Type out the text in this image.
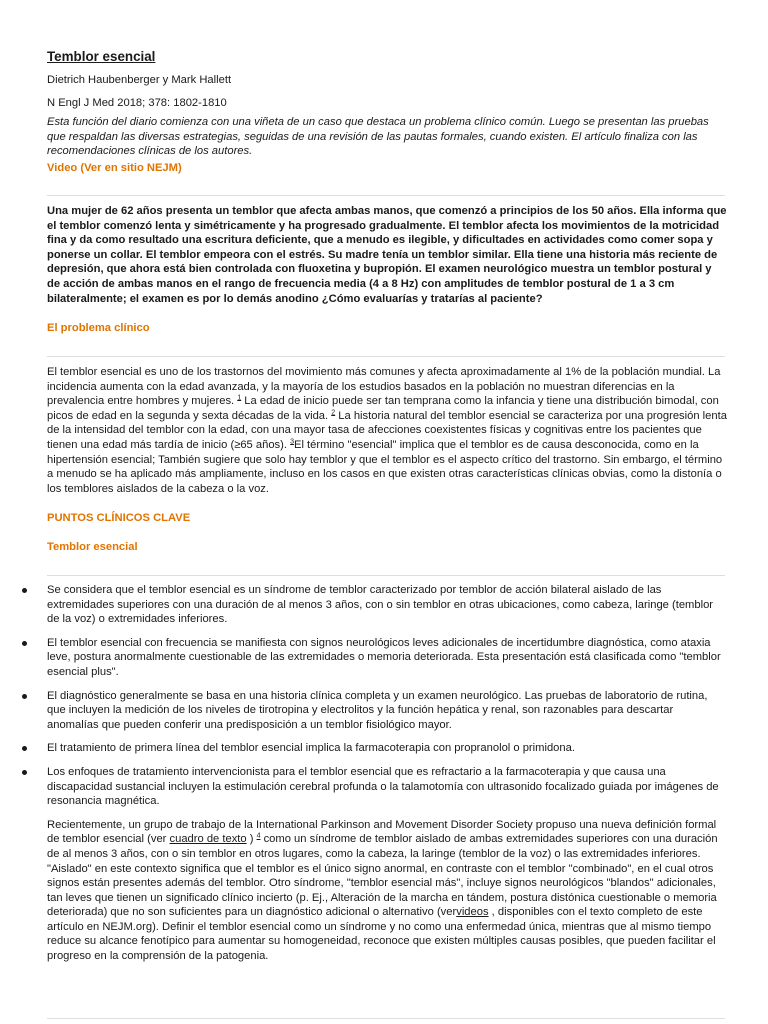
Temblor esencial
Dietrich Haubenberger y Mark Hallett
N Engl J Med 2018; 378: 1802-1810
Esta función del diario comienza con una viñeta de un caso que destaca un problema clínico común. Luego se presentan las pruebas que respaldan las diversas estrategias, seguidas de una revisión de las pautas formales, cuando existen. El artículo finaliza con las recomendaciones clínicas de los autores.
Video (Ver en sitio NEJM)
Una mujer de 62 años presenta un temblor que afecta ambas manos, que comenzó a principios de los 50 años. Ella informa que el temblor comenzó lenta y simétricamente y ha progresado gradualmente. El temblor afecta los movimientos de la motricidad fina y da como resultado una escritura deficiente, que a menudo es ilegible, y dificultades en actividades como comer sopa y ponerse un collar. El temblor empeora con el estrés. Su madre tenía un temblor similar. Ella tiene una historia más reciente de depresión, que ahora está bien controlada con fluoxetina y bupropión. El examen neurológico muestra un temblor postural y de acción de ambas manos en el rango de frecuencia media (4 a 8 Hz) con amplitudes de temblor postural de 1 a 3 cm bilateralmente; el examen es por lo demás anodino ¿Cómo evaluarías y tratarías al paciente?
El problema clínico
El temblor esencial es uno de los trastornos del movimiento más comunes y afecta aproximadamente al 1% de la población mundial. La incidencia aumenta con la edad avanzada, y la mayoría de los estudios basados en la población no muestran diferencias en la prevalencia entre hombres y mujeres. $^1$ La edad de inicio puede ser tan temprana como la infancia y tiene una distribución bimodal, con picos de edad en la segunda y sexta décadas de la vida. $^2$ La historia natural del temblor esencial se caracteriza por una progresión lenta de la intensidad del temblor con la edad, con una mayor tasa de afecciones coexistentes físicas y cognitivas entre los pacientes que tienen una edad más tardía de inicio (≥65 años). $^3$El término "esencial" implica que el temblor es de causa desconocida, como en la hipertensión esencial; También sugiere que solo hay temblor y que el temblor es el aspecto crítico del trastorno. Sin embargo, el término a menudo se ha aplicado más ampliamente, incluso en los casos en que existen otras características clínicas obvias, como la distonía o los temblores aislados de la cabeza o la voz.
PUNTOS CLÍNICOS CLAVE
Temblor esencial
Se considera que el temblor esencial es un síndrome de temblor caracterizado por temblor de acción bilateral aislado de las extremidades superiores con una duración de al menos 3 años, con o sin temblor en otras ubicaciones, como cabeza, laringe (temblor de la voz) o extremidades inferiores.
El temblor esencial con frecuencia se manifiesta con signos neurológicos leves adicionales de incertidumbre diagnóstica, como ataxia leve, postura anormalmente cuestionable de las extremidades o memoria deteriorada. Esta presentación está clasificada como "temblor esencial plus".
El diagnóstico generalmente se basa en una historia clínica completa y un examen neurológico. Las pruebas de laboratorio de rutina, que incluyen la medición de los niveles de tirotropina y electrolitos y la función hepática y renal, son razonables para descartar anomalías que pueden conferir una predisposición a un temblor fisiológico mayor.
El tratamiento de primera línea del temblor esencial implica la farmacoterapia con propranolol o primidona.
Los enfoques de tratamiento intervencionista para el temblor esencial que es refractario a la farmacoterapia y que causa una discapacidad sustancial incluyen la estimulación cerebral profunda o la talamotomía con ultrasonido focalizado guiada por imágenes de resonancia magnética.
Recientemente, un grupo de trabajo de la International Parkinson and Movement Disorder Society propuso una nueva definición formal de temblor esencial (ver cuadro de texto ) $^4$ como un síndrome de temblor aislado de ambas extremidades superiores con una duración de al menos 3 años, con o sin temblor en otros lugares, como la cabeza, la laringe (temblor de la voz) o las extremidades inferiores. "Aislado" en este contexto significa que el temblor es el único signo anormal, en contraste con el temblor "combinado", en el cual otros signos están presentes además del temblor. Otro síndrome, "temblor esencial más", incluye signos neurológicos "blandos" adicionales, tan leves que tienen un significado clínico incierto (p. Ej., Alteración de la marcha en tándem, postura distónica cuestionable o memoria deteriorada) que no son suficientes para un diagnóstico adicional o alternativo (vervideos , disponibles con el texto completo de este artículo en NEJM.org). Definir el temblor esencial como un síndrome y no como una enfermedad única, mientras que al mismo tiempo reduce su alcance fenotípico para aumentar su homogeneidad, reconoce que existen múltiples causas posibles, que pueden facilitar el progreso en la comprensión de la patogenia.
